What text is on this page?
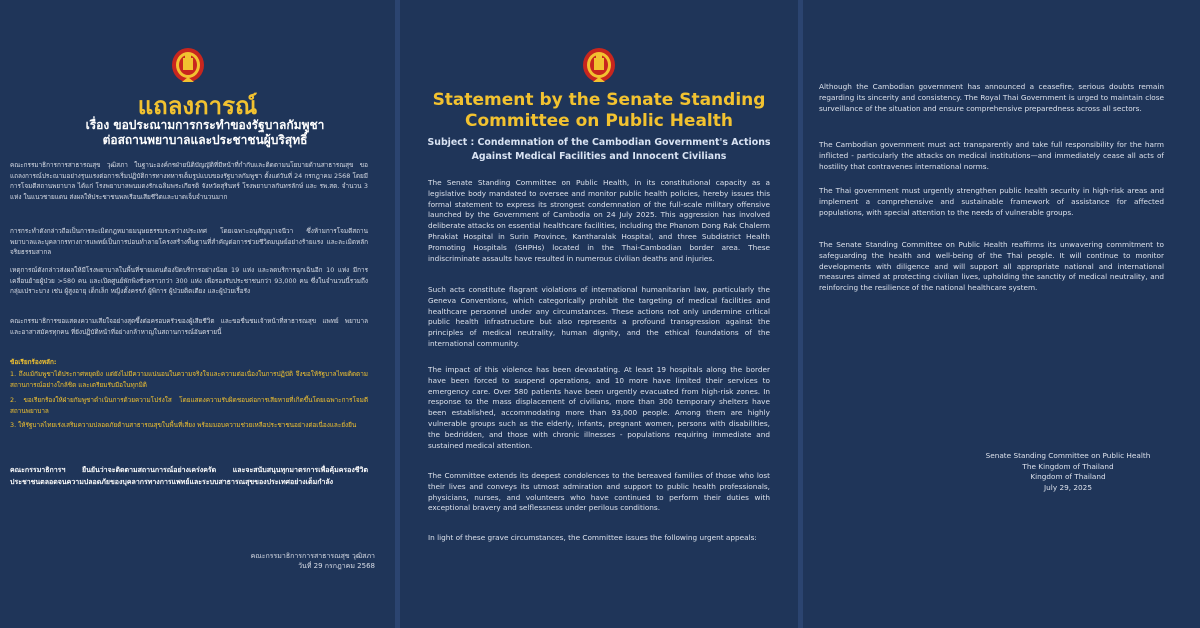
แถลงการณ์
เรื่อง ขอประณามการกระทำของรัฐบาลกัมพูชา
ต่อสถานพยาบาลและประชาชนผู้บริสุทธิ์
คณะกรรมาธิการการสาธารณสุข วุฒิสภา ในฐานะองค์กรฝ่ายนิติบัญญัติที่มีหน้าที่กำกับและติดตามนโยบายด้านสาธารณสุข ขอแถลงการณ์ประณามอย่างรุนแรงต่อการเริ่มปฏิบัติการทางทหารเต็มรูปแบบของรัฐบาลกัมพูชา ตั้งแต่วันที่ 24 กรกฎาคม 2568 โดยมีการโจมตีสถานพยาบาล ได้แก่ โรงพยาบาลพนมดงรักเฉลิมพระเกียรติ จังหวัดสุรินทร์ โรงพยาบาลกันทรลักษ์ และ รพ.สต. จำนวน 3 แห่ง ในแนวชายแดน ส่งผลให้ประชาชนพลเรือนเสียชีวิตและบาดเจ็บจำนวนมาก
การกระทำดังกล่าวถือเป็นการละเมิดกฎหมายมนุษยธรรมระหว่างประเทศ โดยเฉพาะอนุสัญญาเจนีวา ซึ่งห้ามการโจมตีสถานพยาบาลและบุคลากรทางการแพทย์เป็นการบ่อนทำลายโครงสร้างพื้นฐานที่สำคัญต่อการช่วยชีวิตมนุษย์อย่างร้ายแรง และละเมิดหลักจริยธรรมสากล
เหตุการณ์ดังกล่าวส่งผลให้มีโรงพยาบาลในพื้นที่ชายแดนต้องปิดบริการอย่างน้อย 19 แห่ง และลดบริการฉุกเฉินอีก 10 แห่ง มีการเคลื่อนย้ายผู้ป่วย >580 คน และเปิดศูนย์พักพิงชั่วคราวกว่า 300 แห่ง เพื่อรองรับประชาชนกว่า 93,000 คน ซึ่งในจำนวนนี้รวมถึงกลุ่มเปราะบาง เช่น ผู้สูงอายุ เด็กเล็ก หญิงตั้งครรภ์ ผู้พิการ ผู้ป่วยติดเตียง และผู้ป่วยเรื้อรัง
คณะกรรมาธิการขอแสดงความเสียใจอย่างสุดซึ้งต่อครอบครัวของผู้เสียชีวิต และขอชื่นชมเจ้าหน้าที่สาธารณสุข แพทย์ พยาบาล และอาสาสมัครทุกคน ที่ยังปฏิบัติหน้าที่อย่างกล้าหาญในสถานการณ์อันตรายนี้
ข้อเรียกร้องหลัก:
1. ถึงแม้กัมพูชาได้ประกาศหยุดยิง แต่ยังไม่มีความแน่นอนในความจริงใจและความต่อเนื่องในการปฏิบัติ จึงขอให้รัฐบาลไทยติดตามสถานการณ์อย่างใกล้ชิด และเตรียมรับมือในทุกมิติ
2. ขอเรียกร้องให้ฝ่ายกัมพูชาดำเนินการด้วยความโปร่งใส โดยแสดงความรับผิดชอบต่อการเสียหายที่เกิดขึ้นโดยเฉพาะการโจมตีสถานพยาบาล
3. ให้รัฐบาลไทยเร่งเสริมความปลอดภัยด้านสาธารณสุขในพื้นที่เสี่ยง พร้อมมอบความช่วยเหลือประชาชนอย่างต่อเนื่องและยั่งยืน
คณะกรรมาธิการฯ ยืนยันว่าจะติดตามสถานการณ์อย่างเคร่งครัด และจะสนับสนุนทุกมาตรการเพื่อคุ้มครองชีวิตประชาชนตลอดจนความปลอดภัยของบุคลากรทางการแพทย์และระบบสาธารณสุขของประเทศอย่างเต็มกำลัง
คณะกรรมาธิการการสาธารณสุข วุฒิสภา
วันที่ 29 กรกฎาคม 2568
Statement by the Senate Standing
Committee on Public Health
Subject : Condemnation of the Cambodian Government's Actions
Against Medical Facilities and Innocent Civilians
The Senate Standing Committee on Public Health, in its constitutional capacity as a legislative body mandated to oversee and monitor public health policies, hereby issues this formal statement to express its strongest condemnation of the full-scale military offensive launched by the Government of Cambodia on 24 July 2025. This aggression has involved deliberate attacks on essential healthcare facilities, including the Phanom Dong Rak Chalerm Phrakiat Hospital in Surin Province, Kantharalak Hospital, and three Subdistrict Health Promoting Hospitals (SHPHs) located in the Thai-Cambodian border area. These indiscriminate assaults have resulted in numerous civilian deaths and injuries.
Such acts constitute flagrant violations of international humanitarian law, particularly the Geneva Conventions, which categorically prohibit the targeting of medical facilities and healthcare personnel under any circumstances. These actions not only undermine critical public health infrastructure but also represents a profound transgression against the principles of medical neutrality, human dignity, and the ethical foundations of the international community.
The impact of this violence has been devastating. At least 19 hospitals along the border have been forced to suspend operations, and 10 more have limited their services to emergency care. Over 580 patients have been urgently evacuated from high-risk zones. In response to the mass displacement of civilians, more than 300 temporary shelters have been established, accommodating more than 93,000 people. Among them are highly vulnerable groups such as the elderly, infants, pregnant women, persons with disabilities, the bedridden, and those with chronic illnesses - populations requiring immediate and sustained medical attention.
The Committee extends its deepest condolences to the bereaved families of those who lost their lives and conveys its utmost admiration and support to public health professionals, physicians, nurses, and volunteers who have continued to perform their duties with exceptional bravery and selflessness under perilous conditions.
In light of these grave circumstances, the Committee issues the following urgent appeals:
Although the Cambodian government has announced a ceasefire, serious doubts remain regarding its sincerity and consistency. The Royal Thai Government is urged to maintain close surveillance of the situation and ensure comprehensive preparedness across all sectors.
The Cambodian government must act transparently and take full responsibility for the harm inflicted - particularly the attacks on medical institutions—and immediately cease all acts of hostility that contravenes international norms.
The Thai government must urgently strengthen public health security in high-risk areas and implement a comprehensive and sustainable framework of assistance for affected populations, with special attention to the needs of vulnerable groups.
The Senate Standing Committee on Public Health reaffirms its unwavering commitment to safeguarding the health and well-being of the Thai people. It will continue to monitor developments with diligence and will support all appropriate national and international measures aimed at protecting civilian lives, upholding the sanctity of medical neutrality, and reinforcing the resilience of the national healthcare system.
Senate Standing Committee on Public Health
The Kingdom of Thailand
Kingdom of Thailand
July 29, 2025
